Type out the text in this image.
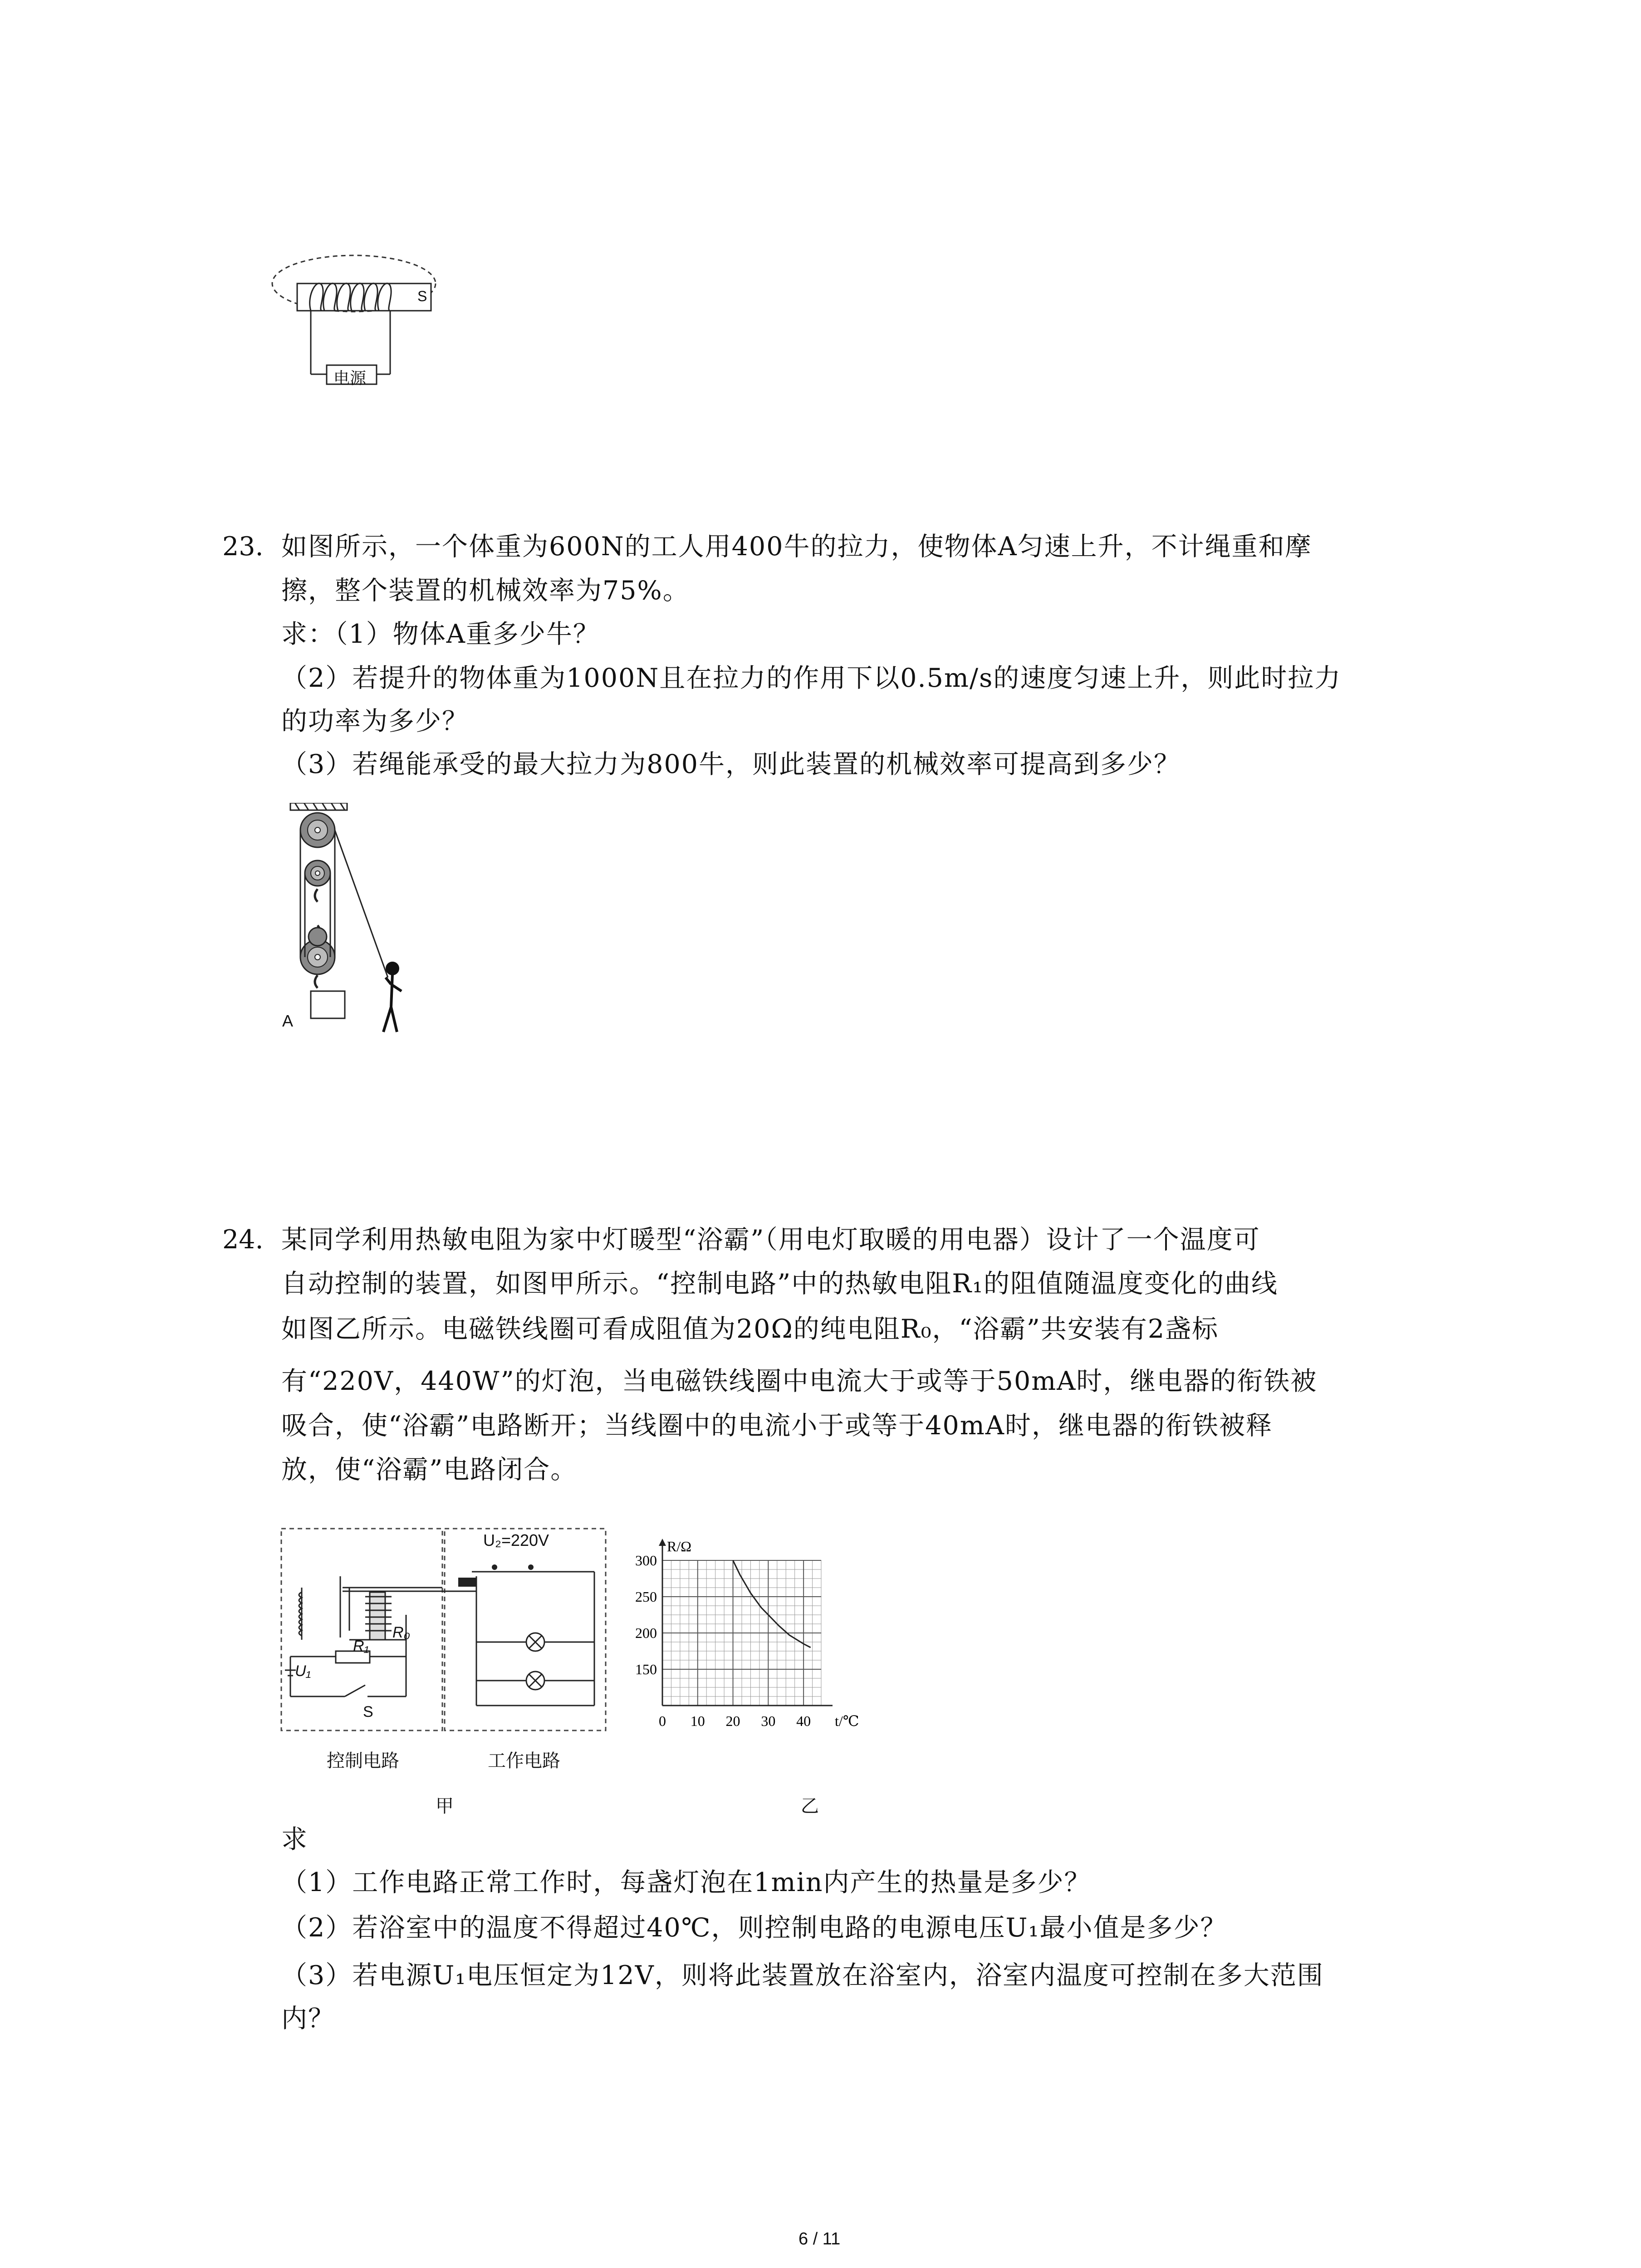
电源
S
23. 如图所示，一个体重为600N的工人用400牛的拉力，使物体A匀速上升，不计绳重和摩
擦，整个装置的机械效率为75%。
求：（1）物体A重多少牛？
（2）若提升的物体重为1000N且在拉力的作用下以0.5m/s的速度匀速上升，则此时拉力
的功率为多少？
（3）若绳能承受的最大拉力为800牛，则此装置的机械效率可提高到多少？
A
24. 某同学利用热敏电阻为家中灯暖型“浴霸”（用电灯取暖的用电器）设计了一个温度可
自动控制的装置，如图甲所示。“控制电路”中的热敏电阻R₁的阻值随温度变化的曲线
如图乙所示。电磁铁线圈可看成阻值为20Ω的纯电阻R₀，“浴霸”共安装有2盏标
有“220V，440W”的灯泡，当电磁铁线圈中电流大于或等于50mA时，继电器的衔铁被
吸合，使“浴霸”电路断开；当线圈中的电流小于或等于40mA时，继电器的衔铁被释
放，使“浴霸”电路闭合。
U₂=220V
R₀
R₁
U₁
S
控制电路	工作电路
甲
0 10 20 30 40
150
200
250
300
t/℃
R/Ω
乙
求
（1）工作电路正常工作时，每盏灯泡在1min内产生的热量是多少？
（2）若浴室中的温度不得超过40℃，则控制电路的电源电压U₁最小值是多少？
（3）若电源U₁电压恒定为12V，则将此装置放在浴室内，浴室内温度可控制在多大范围
内？
6 / 11
